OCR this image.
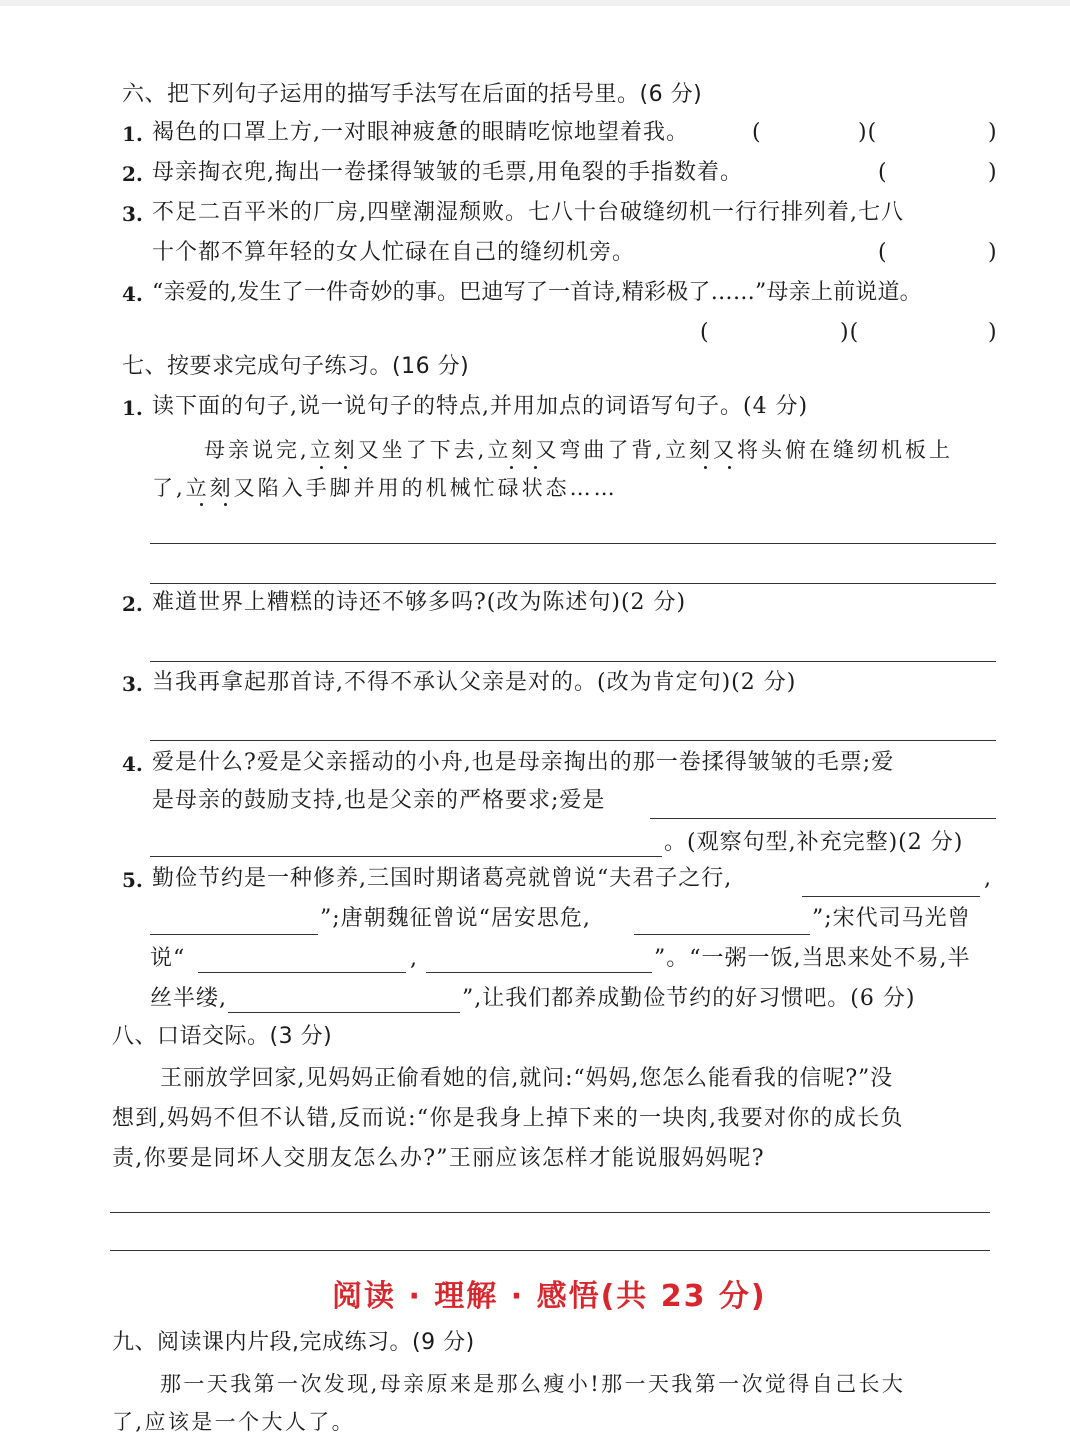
六、把下列句子运用的描写手法写在后面的括号里。(6 分)
1. 褐色的口罩上方,一对眼神疲惫的眼睛吃惊地望着我。	(	)(	)
2. 母亲掏衣兜,掏出一卷揉得皱皱的毛票,用龟裂的手指数着。	(	)
3. 不足二百平米的厂房,四壁潮湿颓败。七八十台破缝纫机一行行排列着,七八
十个都不算年轻的女人忙碌在自己的缝纫机旁。	(	)
4. “亲爱的,发生了一件奇妙的事。巴迪写了一首诗,精彩极了……”母亲上前说道。
(	)(	)
七、按要求完成句子练习。(16 分)
1. 读下面的句子,说一说句子的特点,并用加点的词语写句子。(4 分)
母亲说完,立刻又坐了下去,立刻又弯曲了背,立刻又将头俯在缝纫机板上
了,立刻又陷入手脚并用的机械忙碌状态……
2. 难道世界上糟糕的诗还不够多吗?(改为陈述句)(2 分)
3. 当我再拿起那首诗,不得不承认父亲是对的。(改为肯定句)(2 分)
4. 爱是什么?爱是父亲摇动的小舟,也是母亲掏出的那一卷揉得皱皱的毛票;爱
是母亲的鼓励支持,也是父亲的严格要求;爱是
。(观察句型,补充完整)(2 分)
5. 勤俭节约是一种修养,三国时期诸葛亮就曾说“夫君子之行,	,
”;唐朝魏征曾说“居安思危,	”;宋代司马光曾
说“	,	”。“一粥一饭,当思来处不易,半
丝半缕,	”,让我们都养成勤俭节约的好习惯吧。(6 分)
八、口语交际。(3 分)
王丽放学回家,见妈妈正偷看她的信,就问:“妈妈,您怎么能看我的信呢?”没
想到,妈妈不但不认错,反而说:“你是我身上掉下来的一块肉,我要对你的成长负
责,你要是同坏人交朋友怎么办?”王丽应该怎样才能说服妈妈呢?
阅读 · 理解 · 感悟(共 23 分)
九、阅读课内片段,完成练习。(9 分)
那一天我第一次发现,母亲原来是那么瘦小!那一天我第一次觉得自己长大
了,应该是一个大人了。
